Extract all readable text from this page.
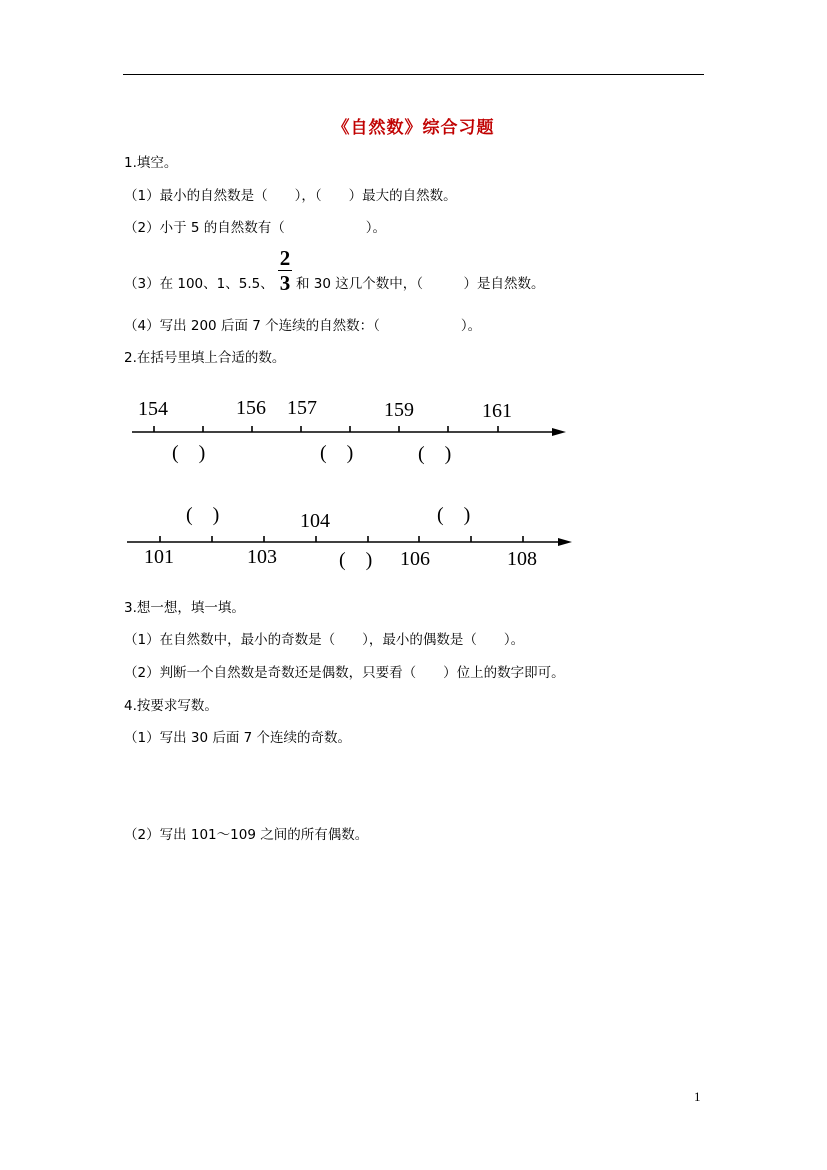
《自然数》综合习题
1.填空。
（1）最小的自然数是（　　），（　　）最大的自然数。
（2）小于 5 的自然数有（　　　　　　）。
（3）在 100、1、5.5、
2
3 和 30 这几个数中，（　　　）是自然数。
（4）写出 200 后面 7 个连续的自然数：（　　　　　　）。
2.在括号里填上合适的数。
154	156 157	159	161
(　)	(　)	(　)
101	103	106	108
104
(　)	(　)
(　)
3.想一想，填一填。
（1）在自然数中，最小的奇数是（　　），最小的偶数是（　　）。
（2）判断一个自然数是奇数还是偶数，只要看（　　）位上的数字即可。
4.按要求写数。
（1）写出 30 后面 7 个连续的奇数。
（2）写出 101～109 之间的所有偶数。
1
